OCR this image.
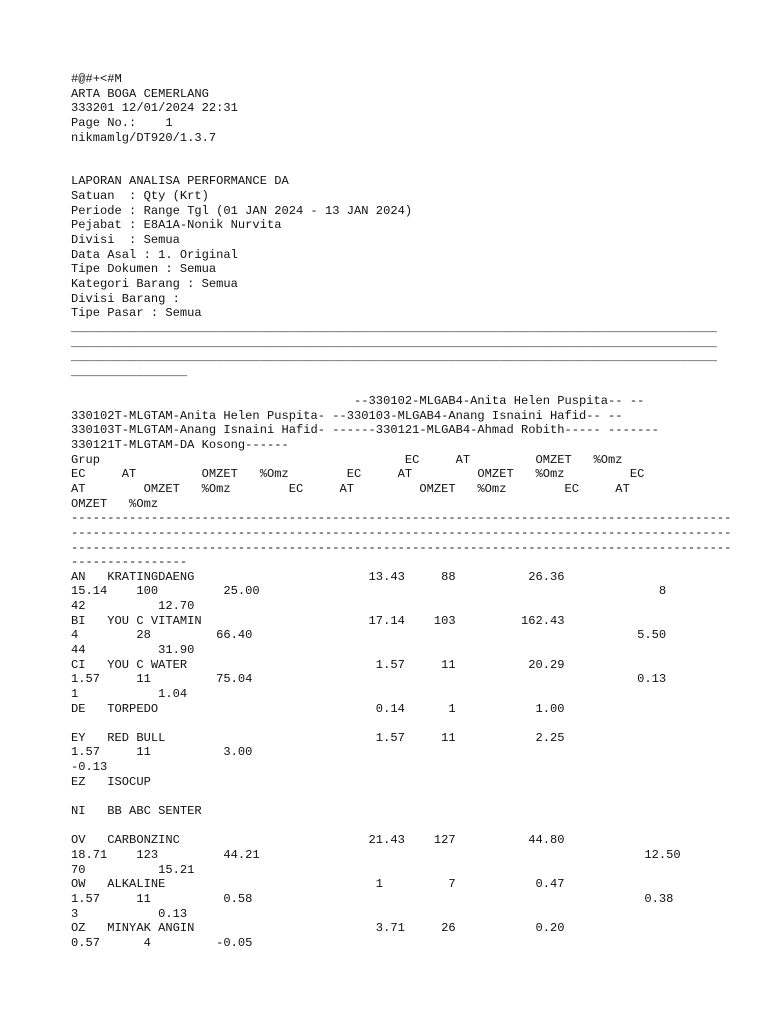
#@#+<#M
ARTA BOGA CEMERLANG
333201 12/01/2024 22:31
Page No.:    1
nikmamlg/DT920/1.3.7
LAPORAN ANALISA PERFORMANCE DA
Satuan  : Qty (Krt)
Periode : Range Tgl (01 JAN 2024 - 13 JAN 2024)
Pejabat : E8A1A-Nonik Nurvita
Divisi  : Semua
Data Asal : 1. Original
Tipe Dokumen : Semua
Kategori Barang : Semua
Divisi Barang :
Tipe Pasar : Semua
_________________________________________________________________________________________
_________________________________________________________________________________________
_________________________________________________________________________________________
________________
--330102-MLGAB4-Anita Helen Puspita-- --
330102T-MLGTAM-Anita Helen Puspita- --330103-MLGAB4-Anang Isnaini Hafid-- --
330103T-MLGTAM-Anang Isnaini Hafid- ------330121-MLGAB4-Ahmad Robith----- -------
330121T-MLGTAM-DA Kosong------
Grup                                          EC     AT         OMZET   %Omz
EC     AT         OMZET   %Omz        EC     AT         OMZET   %Omz         EC
AT        OMZET   %Omz        EC     AT         OMZET   %Omz        EC     AT
OMZET   %Omz
-------------------------------------------------------------------------------------------
-------------------------------------------------------------------------------------------
-------------------------------------------------------------------------------------------
----------------
AN   KRATINGDAENG                        13.43     88          26.36
15.14    100         25.00                                                       8
42          12.70
BI   YOU C VITAMIN                       17.14    103         162.43
4        28         66.40                                                     5.50
44          31.90
CI   YOU C WATER                          1.57     11          20.29
1.57     11         75.04                                                     0.13
1           1.04
DE   TORPEDO                              0.14      1           1.00
EY   RED BULL                             1.57     11           2.25
1.57     11          3.00
-0.13
EZ   ISOCUP
NI   BB ABC SENTER
OV   CARBONZINC                          21.43    127          44.80
18.71    123         44.21                                                     12.50
70          15.21
OW   ALKALINE                             1         7           0.47
1.57     11          0.58                                                      0.38
3           0.13
OZ   MINYAK ANGIN                         3.71     26           0.20
0.57      4         -0.05
